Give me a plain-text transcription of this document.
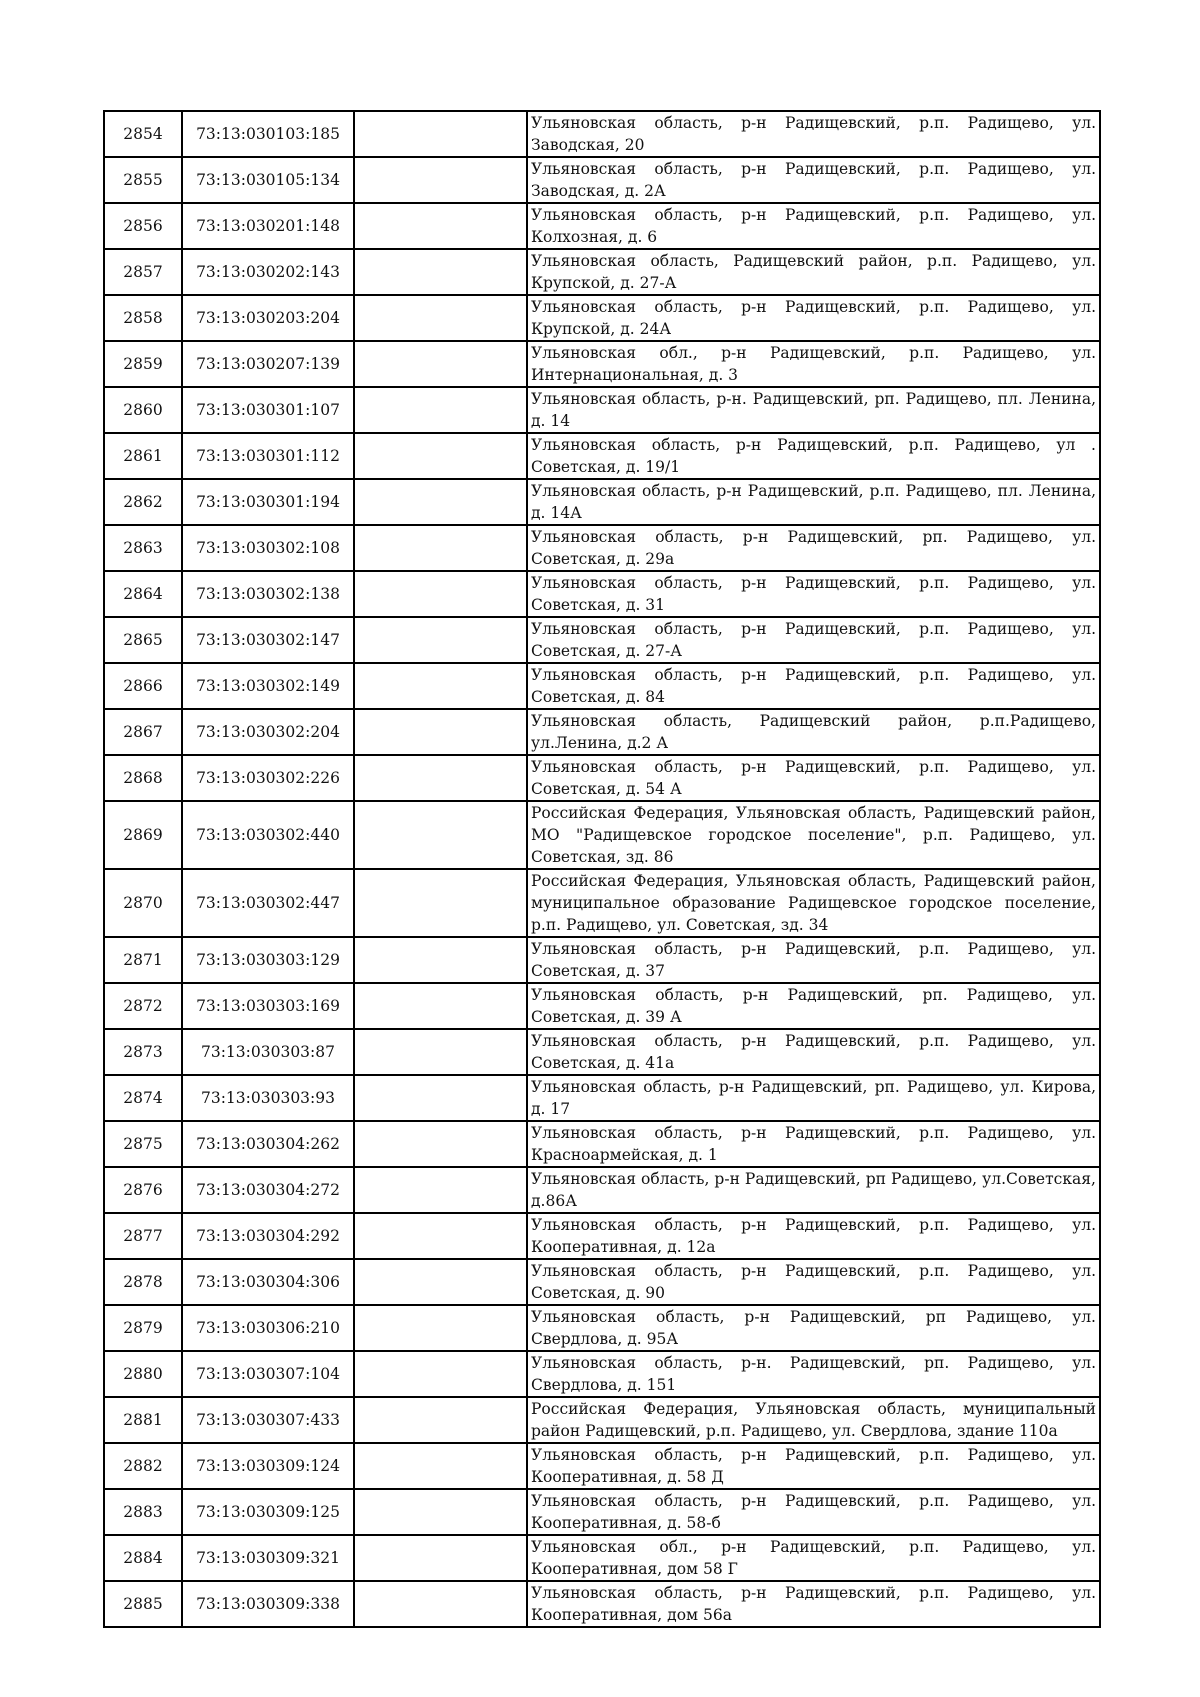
2854	73:13:030103:185		Ульяновская область, р-н Радищевский, р.п. Радищево, ул. Заводская, 20
2855	73:13:030105:134		Ульяновская область, р-н Радищевский, р.п. Радищево, ул. Заводская, д. 2А
2856	73:13:030201:148		Ульяновская область, р-н Радищевский, р.п. Радищево, ул. Колхозная, д. 6
2857	73:13:030202:143		Ульяновская область, Радищевский район, р.п. Радищево, ул. Крупской, д. 27-А
2858	73:13:030203:204		Ульяновская область, р-н Радищевский, р.п. Радищево, ул. Крупской, д. 24А
2859	73:13:030207:139		Ульяновская обл., р-н Радищевский, р.п. Радищево, ул. Интернациональная, д. 3
2860	73:13:030301:107		Ульяновская область, р-н. Радищевский, рп. Радищево, пл. Ленина, д. 14
2861	73:13:030301:112		Ульяновская область, р-н Радищевский, р.п. Радищево, ул . Советская, д. 19/1
2862	73:13:030301:194		Ульяновская область, р-н Радищевский, р.п. Радищево, пл. Ленина, д. 14А
2863	73:13:030302:108		Ульяновская область, р-н Радищевский, рп. Радищево, ул. Советская, д. 29а
2864	73:13:030302:138		Ульяновская область, р-н Радищевский, р.п. Радищево, ул. Советская, д. 31
2865	73:13:030302:147		Ульяновская область, р-н Радищевский, р.п. Радищево, ул. Советская, д. 27-А
2866	73:13:030302:149		Ульяновская область, р-н Радищевский, р.п. Радищево, ул. Советская, д. 84
2867	73:13:030302:204		Ульяновская область, Радищевский район, р.п.Радищево, ул.Ленина, д.2 А
2868	73:13:030302:226		Ульяновская область, р-н Радищевский, р.п. Радищево, ул. Советская, д. 54 А
2869	73:13:030302:440		Российская Федерация, Ульяновская область, Радищевский район, МО "Радищевское городское поселение", р.п. Радищево, ул. Советская, зд. 86
2870	73:13:030302:447		Российская Федерация, Ульяновская область, Радищевский район, муниципальное образование Радищевское городское поселение, р.п. Радищево, ул. Советская, зд. 34
2871	73:13:030303:129		Ульяновская область, р-н Радищевский, р.п. Радищево, ул. Советская, д. 37
2872	73:13:030303:169		Ульяновская область, р-н Радищевский, рп. Радищево, ул. Советская, д. 39 А
2873	73:13:030303:87		Ульяновская область, р-н Радищевский, р.п. Радищево, ул. Советская, д. 41а
2874	73:13:030303:93		Ульяновская область, р-н Радищевский, рп. Радищево, ул. Кирова, д. 17
2875	73:13:030304:262		Ульяновская область, р-н Радищевский, р.п. Радищево, ул. Красноармейская, д. 1
2876	73:13:030304:272		Ульяновская область, р-н Радищевский, рп Радищево, ул.Советская, д.86А
2877	73:13:030304:292		Ульяновская область, р-н Радищевский, р.п. Радищево, ул. Кооперативная, д. 12а
2878	73:13:030304:306		Ульяновская область, р-н Радищевский, р.п. Радищево, ул. Советская, д. 90
2879	73:13:030306:210		Ульяновская область, р-н Радищевский, рп Радищево, ул. Свердлова, д. 95А
2880	73:13:030307:104		Ульяновская область, р-н. Радищевский, рп. Радищево, ул. Свердлова, д. 151
2881	73:13:030307:433		Российская Федерация, Ульяновская область, муниципальный район Радищевский, р.п. Радищево, ул. Свердлова, здание 110а
2882	73:13:030309:124		Ульяновская область, р-н Радищевский, р.п. Радищево, ул. Кооперативная, д. 58 Д
2883	73:13:030309:125		Ульяновская область, р-н Радищевский, р.п. Радищево, ул. Кооперативная, д. 58-б
2884	73:13:030309:321		Ульяновская обл., р-н Радищевский, р.п. Радищево, ул. Кооперативная, дом 58 Г
2885	73:13:030309:338		Ульяновская область, р-н Радищевский, р.п. Радищево, ул. Кооперативная, дом 56а
